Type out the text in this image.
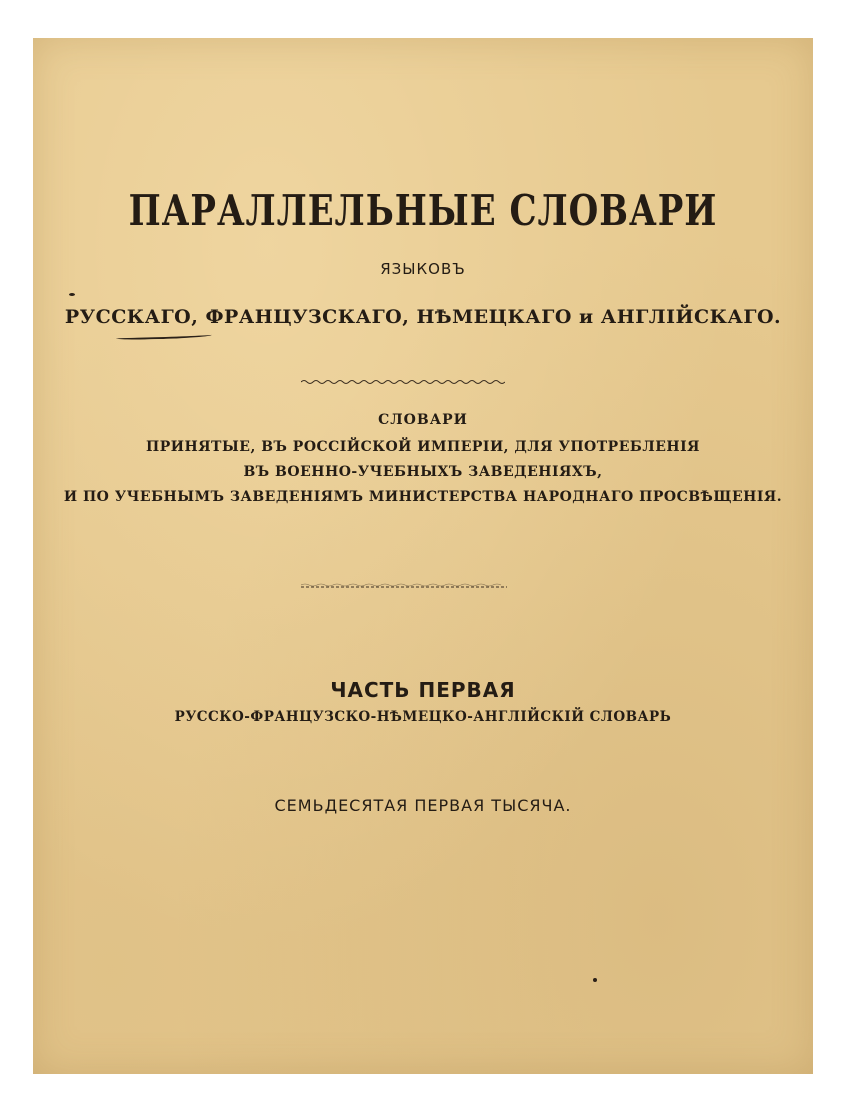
ПАРАЛЛЕЛЬНЫЕ СЛОВАРИ
ЯЗЫКОВЪ
РУССКАГО, ФРАНЦУЗСКАГО, НѢМЕЦКАГО и АНГЛІЙСКАГО.
СЛОВАРИ
ПРИНЯТЫЕ, ВЪ РОССІЙСКОЙ ИМПЕРІИ, ДЛЯ УПОТРЕБЛЕНІЯ
ВЪ ВОЕННО-УЧЕБНЫХЪ ЗАВЕДЕНІЯХЪ,
И ПО УЧЕБНЫМЪ ЗАВЕДЕНІЯМЪ МИНИСТЕРСТВА НАРОДНАГО ПРОСВѢЩЕНІЯ.
ЧАСТЬ ПЕРВАЯ
РУССКО-ФРАНЦУЗСКО-НѢМЕЦКО-АНГЛІЙСКІЙ СЛОВАРЬ
СЕМЬДЕСЯТАЯ ПЕРВАЯ ТЫСЯЧА.
